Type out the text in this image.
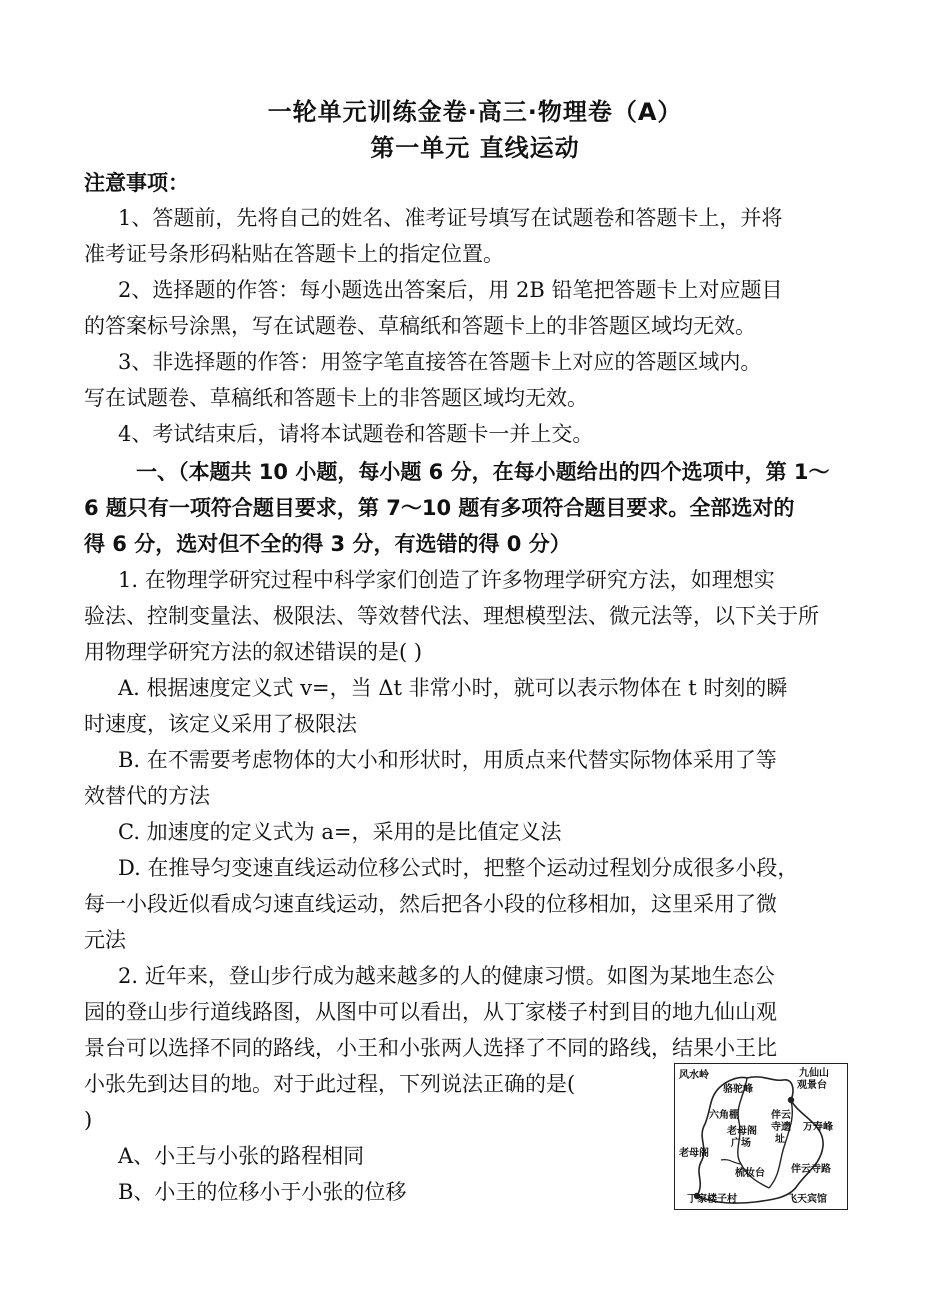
一轮单元训练金卷·高三·物理卷（A）
第一单元 直线运动
注意事项：
1、答题前，先将自己的姓名、准考证号填写在试题卷和答题卡上，并将
准考证号条形码粘贴在答题卡上的指定位置。
2、选择题的作答：每小题选出答案后，用 2B 铅笔把答题卡上对应题目
的答案标号涂黑，写在试题卷、草稿纸和答题卡上的非答题区域均无效。
3、非选择题的作答：用签字笔直接答在答题卡上对应的答题区域内。
写在试题卷、草稿纸和答题卡上的非答题区域均无效。
4、考试结束后，请将本试题卷和答题卡一并上交。
一、（本题共 10 小题，每小题 6 分，在每小题给出的四个选项中，第 1～
6 题只有一项符合题目要求，第 7～10 题有多项符合题目要求。全部选对的
得 6 分，选对但不全的得 3 分，有选错的得 0 分）
1. 在物理学研究过程中科学家们创造了许多物理学研究方法，如理想实
验法、控制变量法、极限法、等效替代法、理想模型法、微元法等，以下关于所
用物理学研究方法的叙述错误的是( )
A. 根据速度定义式 v=，当 Δt 非常小时，就可以表示物体在 t 时刻的瞬
时速度，该定义采用了极限法
B. 在不需要考虑物体的大小和形状时，用质点来代替实际物体采用了等
效替代的方法
C. 加速度的定义式为 a=，采用的是比值定义法
D. 在推导匀变速直线运动位移公式时，把整个运动过程划分成很多小段，
每一小段近似看成匀速直线运动，然后把各小段的位移相加，这里采用了微
元法
2. 近年来，登山步行成为越来越多的人的健康习惯。如图为某地生态公
园的登山步行道线路图，从图中可以看出，从丁家楼子村到目的地九仙山观
景台可以选择不同的路线，小王和小张两人选择了不同的路线，结果小王比
小张先到达目的地。对于此过程，下列说法正确的是(
)
A、小王与小张的路程相同
B、小王的位移小于小张的位移
风水岭
骆驼峰
九仙山
观景台
六角棚
老母阁
广场
伴云
寺遗
址
万寿峰
老母阁
梳妆台	伴云寺路
丁家楼子村	飞天宾馆
